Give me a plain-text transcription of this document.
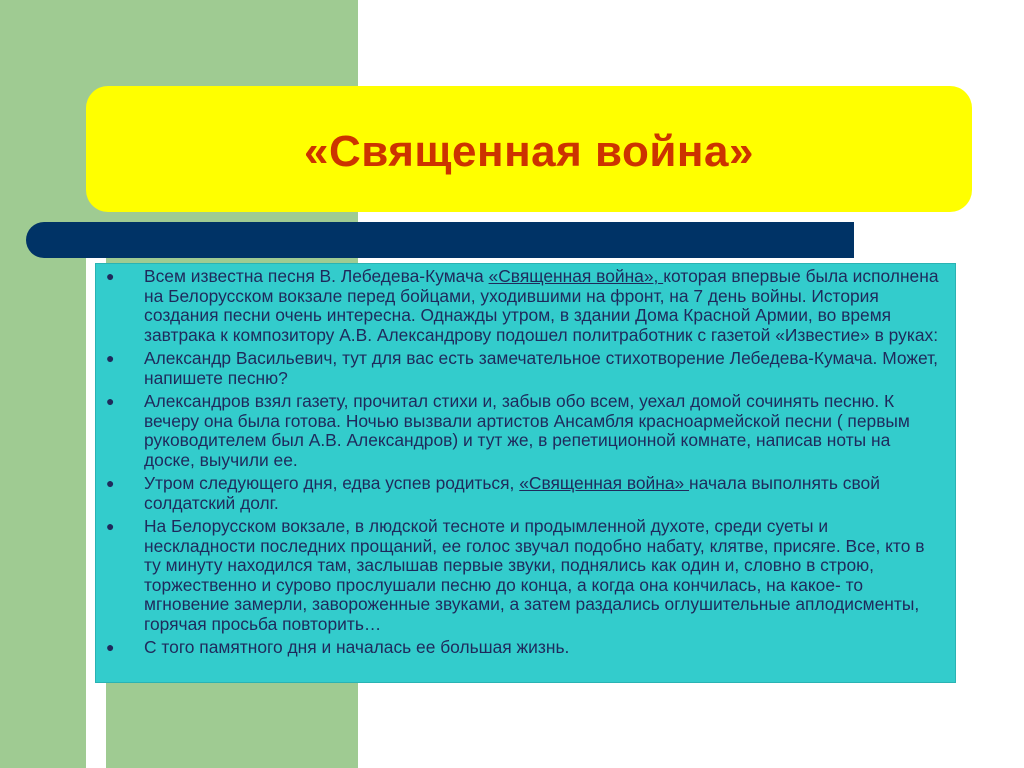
«Священная война»
● Всем известна песня В. Лебедева-Кумача «Священная война», которая впервые была исполнена на Белорусском вокзале перед бойцами, уходившими на фронт, на 7 день войны. История создания песни очень интересна. Однажды утром, в здании Дома Красной Армии, во время завтрака к композитору А.В. Александрову подошел политработник с газетой «Известие» в руках:
● Александр Васильевич, тут для вас есть замечательное стихотворение Лебедева-Кумача. Может, напишете песню?
● Александров взял газету, прочитал стихи и, забыв обо всем, уехал домой сочинять песню. К вечеру она была готова. Ночью вызвали артистов Ансамбля красноармейской песни ( первым руководителем был А.В. Александров) и тут же, в репетиционной комнате, написав ноты на доске, выучили ее.
● Утром следующего дня, едва успев родиться, «Священная война» начала выполнять свой солдатский долг.
● На Белорусском вокзале, в людской тесноте и продымленной духоте, среди суеты и нескладности последних прощаний, ее голос звучал подобно набату, клятве, присяге. Все, кто в ту минуту находился там, заслышав первые звуки, поднялись как один и, словно в строю, торжественно и сурово прослушали песню до конца, а когда она кончилась, на какое- то мгновение замерли, завороженные звуками, а затем раздались оглушительные аплодисменты, горячая просьба повторить…
● С того памятного дня и началась ее большая жизнь.
